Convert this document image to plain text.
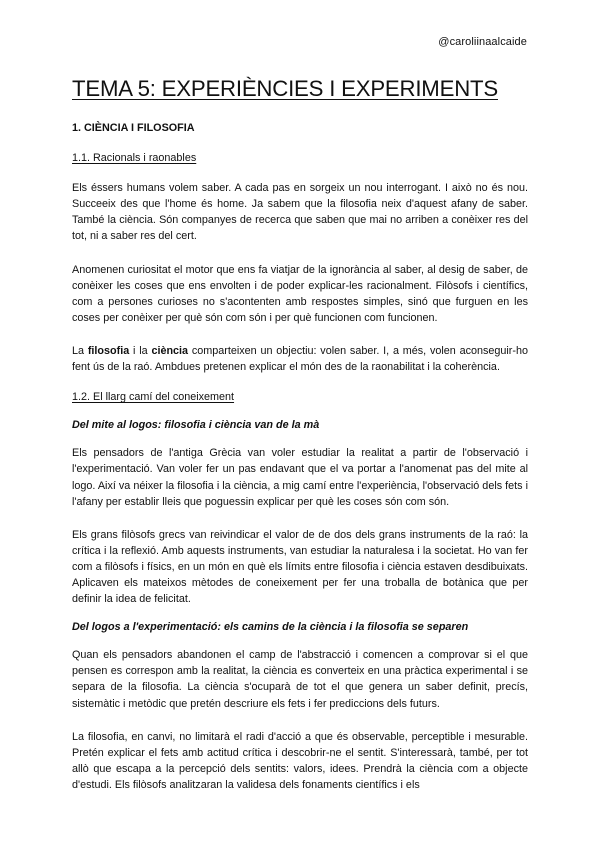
@caroliinaalcaide
TEMA 5: EXPERIÈNCIES I EXPERIMENTS

1. CIÈNCIA I FILOSOFIA

1.1. Racionals i raonables

Els éssers humans volem saber. A cada pas en sorgeix un nou interrogant. I això no és nou. Succeeix des que l'home és home. Ja sabem que la filosofia neix d'aquest afany de saber. També la ciència. Són companyes de recerca que saben que mai no arriben a conèixer res del tot, ni a saber res del cert.

Anomenen curiositat el motor que ens fa viatjar de la ignorància al saber, al desig de saber, de conèixer les coses que ens envolten i de poder explicar-les racionalment. Filòsofs i científics, com a persones curioses no s'acontenten amb respostes simples, sinó que furguen en les coses per conèixer per què són com són i per què funcionen com funcionen.

La filosofia i la ciència comparteixen un objectiu: volen saber. I, a més, volen aconseguir-ho fent ús de la raó. Ambdues pretenen explicar el món des de la raonabilitat i la coherència.

1.2. El llarg camí del coneixement

Del mite al logos: filosofia i ciència van de la mà

Els pensadors de l'antiga Grècia van voler estudiar la realitat a partir de l'observació i l'experimentació. Van voler fer un pas endavant que el va portar a l'anomenat pas del mite al logo. Així va néixer la filosofia i la ciència, a mig camí entre l'experiència, l'observació dels fets i l'afany per establir lleis que poguessin explicar per què les coses són com són.

Els grans filòsofs grecs van reivindicar el valor de de dos dels grans instruments de la raó: la crítica i la reflexió. Amb aquests instruments, van estudiar la naturalesa i la societat. Ho van fer com a filòsofs i físics, en un món en què els límits entre filosofia i ciència estaven desdibuixats. Aplicaven els mateixos mètodes de coneixement per fer una troballa de botànica que per definir la idea de felicitat.

Del logos a l'experimentació: els camins de la ciència i la filosofia se separen

Quan els pensadors abandonen el camp de l'abstracció i comencen a comprovar si el que pensen es correspon amb la realitat, la ciència es converteix en una pràctica experimental i se separa de la filosofia. La ciència s'ocuparà de tot el que genera un saber definit, precís, sistemàtic i metòdic que pretén descriure els fets i fer prediccions dels futurs.

La filosofia, en canvi, no limitarà el radi d'acció a que és observable, perceptible i mesurable. Pretén explicar el fets amb actitud crítica i descobrir-ne el sentit. S'interessarà, també, per tot allò que escapa a la percepció dels sentits: valors, idees. Prendrà la ciència com a objecte d'estudi. Els filòsofs analitzaran la validesa dels fonaments científics i els
